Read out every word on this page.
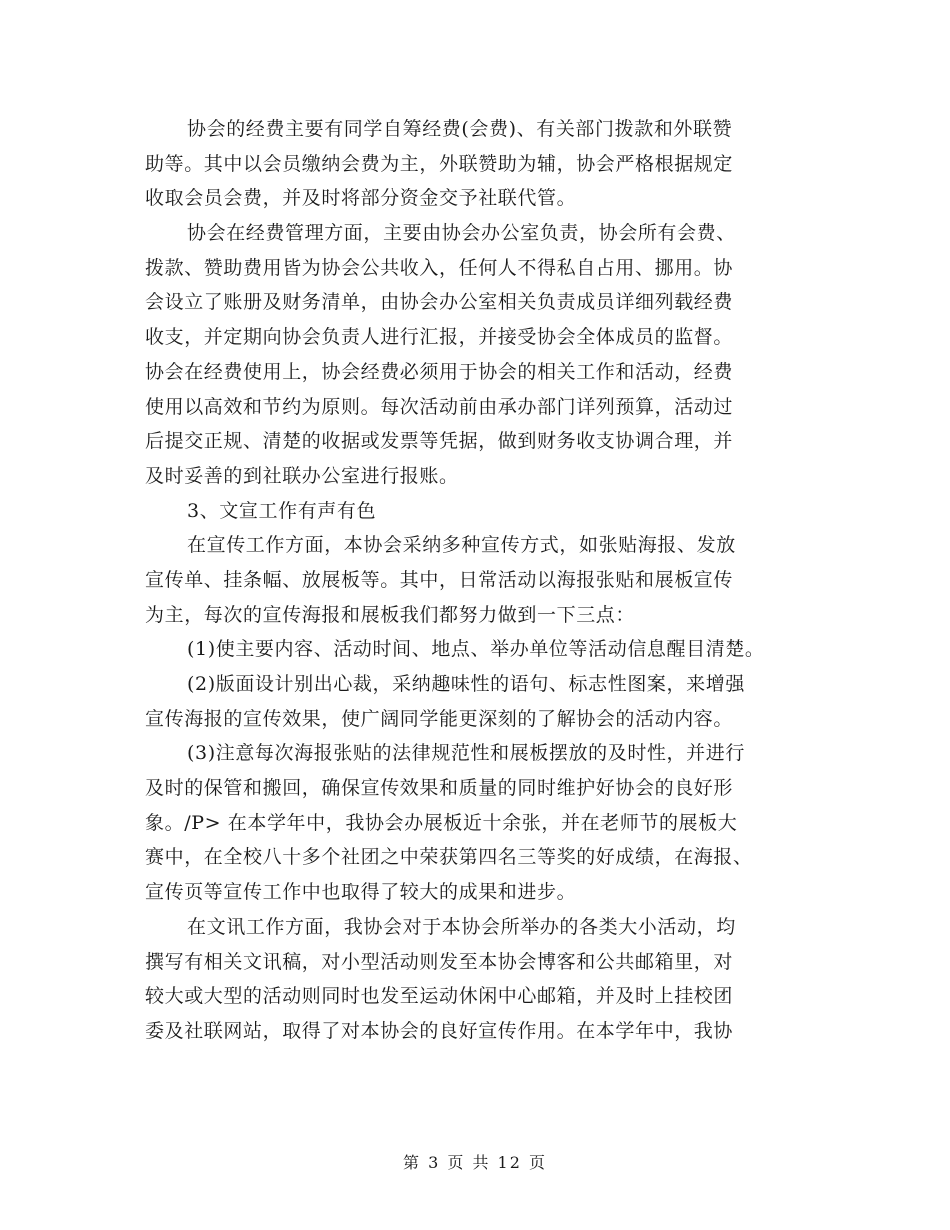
协会的经费主要有同学自筹经费(会费)、有关部门拨款和外联赞
助等。其中以会员缴纳会费为主，外联赞助为辅，协会严格根据规定
收取会员会费，并及时将部分资金交予社联代管。
协会在经费管理方面，主要由协会办公室负责，协会所有会费、
拨款、赞助费用皆为协会公共收入，任何人不得私自占用、挪用。协
会设立了账册及财务清单，由协会办公室相关负责成员详细列载经费
收支，并定期向协会负责人进行汇报，并接受协会全体成员的监督。
协会在经费使用上，协会经费必须用于协会的相关工作和活动，经费
使用以高效和节约为原则。每次活动前由承办部门详列预算，活动过
后提交正规、清楚的收据或发票等凭据，做到财务收支协调合理，并
及时妥善的到社联办公室进行报账。
3、文宣工作有声有色
在宣传工作方面，本协会采纳多种宣传方式，如张贴海报、发放
宣传单、挂条幅、放展板等。其中，日常活动以海报张贴和展板宣传
为主，每次的宣传海报和展板我们都努力做到一下三点：
(1)使主要内容、活动时间、地点、举办单位等活动信息醒目清楚。
(2)版面设计别出心裁，采纳趣味性的语句、标志性图案，来增强
宣传海报的宣传效果，使广阔同学能更深刻的了解协会的活动内容。
(3)注意每次海报张贴的法律规范性和展板摆放的及时性，并进行
及时的保管和搬回，确保宣传效果和质量的同时维护好协会的良好形
象。/P> 在本学年中，我协会办展板近十余张，并在老师节的展板大
赛中，在全校八十多个社团之中荣获第四名三等奖的好成绩，在海报、
宣传页等宣传工作中也取得了较大的成果和进步。
在文讯工作方面，我协会对于本协会所举办的各类大小活动，均
撰写有相关文讯稿，对小型活动则发至本协会博客和公共邮箱里，对
较大或大型的活动则同时也发至运动休闲中心邮箱，并及时上挂校团
委及社联网站，取得了对本协会的良好宣传作用。在本学年中，我协
第 3 页 共 12 页
